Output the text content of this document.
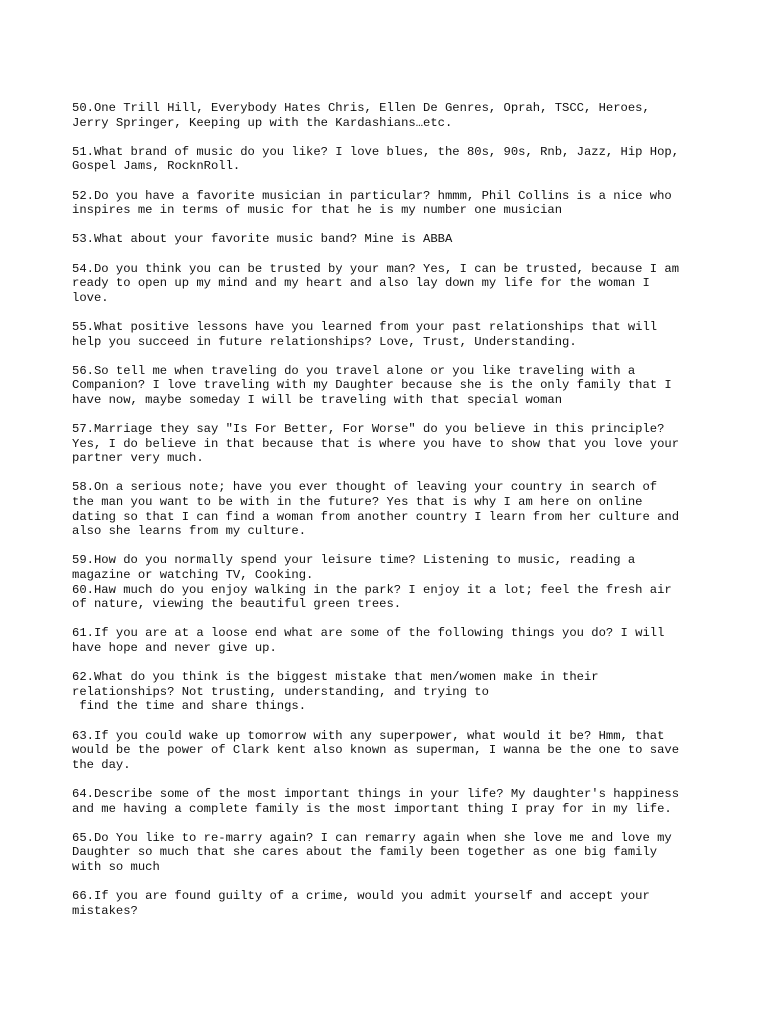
50.One Trill Hill, Everybody Hates Chris, Ellen De Genres, Oprah, TSCC, Heroes,
Jerry Springer, Keeping up with the Kardashians…etc.

51.What brand of music do you like? I love blues, the 80s, 90s, Rnb, Jazz, Hip Hop,
Gospel Jams, RocknRoll.

52.Do you have a favorite musician in particular? hmmm, Phil Collins is a nice who
inspires me in terms of music for that he is my number one musician

53.What about your favorite music band? Mine is ABBA

54.Do you think you can be trusted by your man? Yes, I can be trusted, because I am
ready to open up my mind and my heart and also lay down my life for the woman I
love.

55.What positive lessons have you learned from your past relationships that will
help you succeed in future relationships? Love, Trust, Understanding.

56.So tell me when traveling do you travel alone or you like traveling with a
Companion? I love traveling with my Daughter because she is the only family that I
have now, maybe someday I will be traveling with that special woman

57.Marriage they say "Is For Better, For Worse" do you believe in this principle?
Yes, I do believe in that because that is where you have to show that you love your
partner very much.

58.On a serious note; have you ever thought of leaving your country in search of
the man you want to be with in the future? Yes that is why I am here on online
dating so that I can find a woman from another country I learn from her culture and
also she learns from my culture.

59.How do you normally spend your leisure time? Listening to music, reading a
magazine or watching TV, Cooking.

60.Haw much do you enjoy walking in the park? I enjoy it a lot; feel the fresh air
of nature, viewing the beautiful green trees.

61.If you are at a loose end what are some of the following things you do? I will
have hope and never give up.

62.What do you think is the biggest mistake that men/women make in their
relationships? Not trusting, understanding, and trying to
find the time and share things.

63.If you could wake up tomorrow with any superpower, what would it be? Hmm, that
would be the power of Clark kent also known as superman, I wanna be the one to save
the day.

64.Describe some of the most important things in your life? My daughter's happiness
and me having a complete family is the most important thing I pray for in my life.

65.Do You like to re-marry again? I can remarry again when she love me and love my
Daughter so much that she cares about the family been together as one big family
with so much

66.If you are found guilty of a crime, would you admit yourself and accept your
mistakes?
